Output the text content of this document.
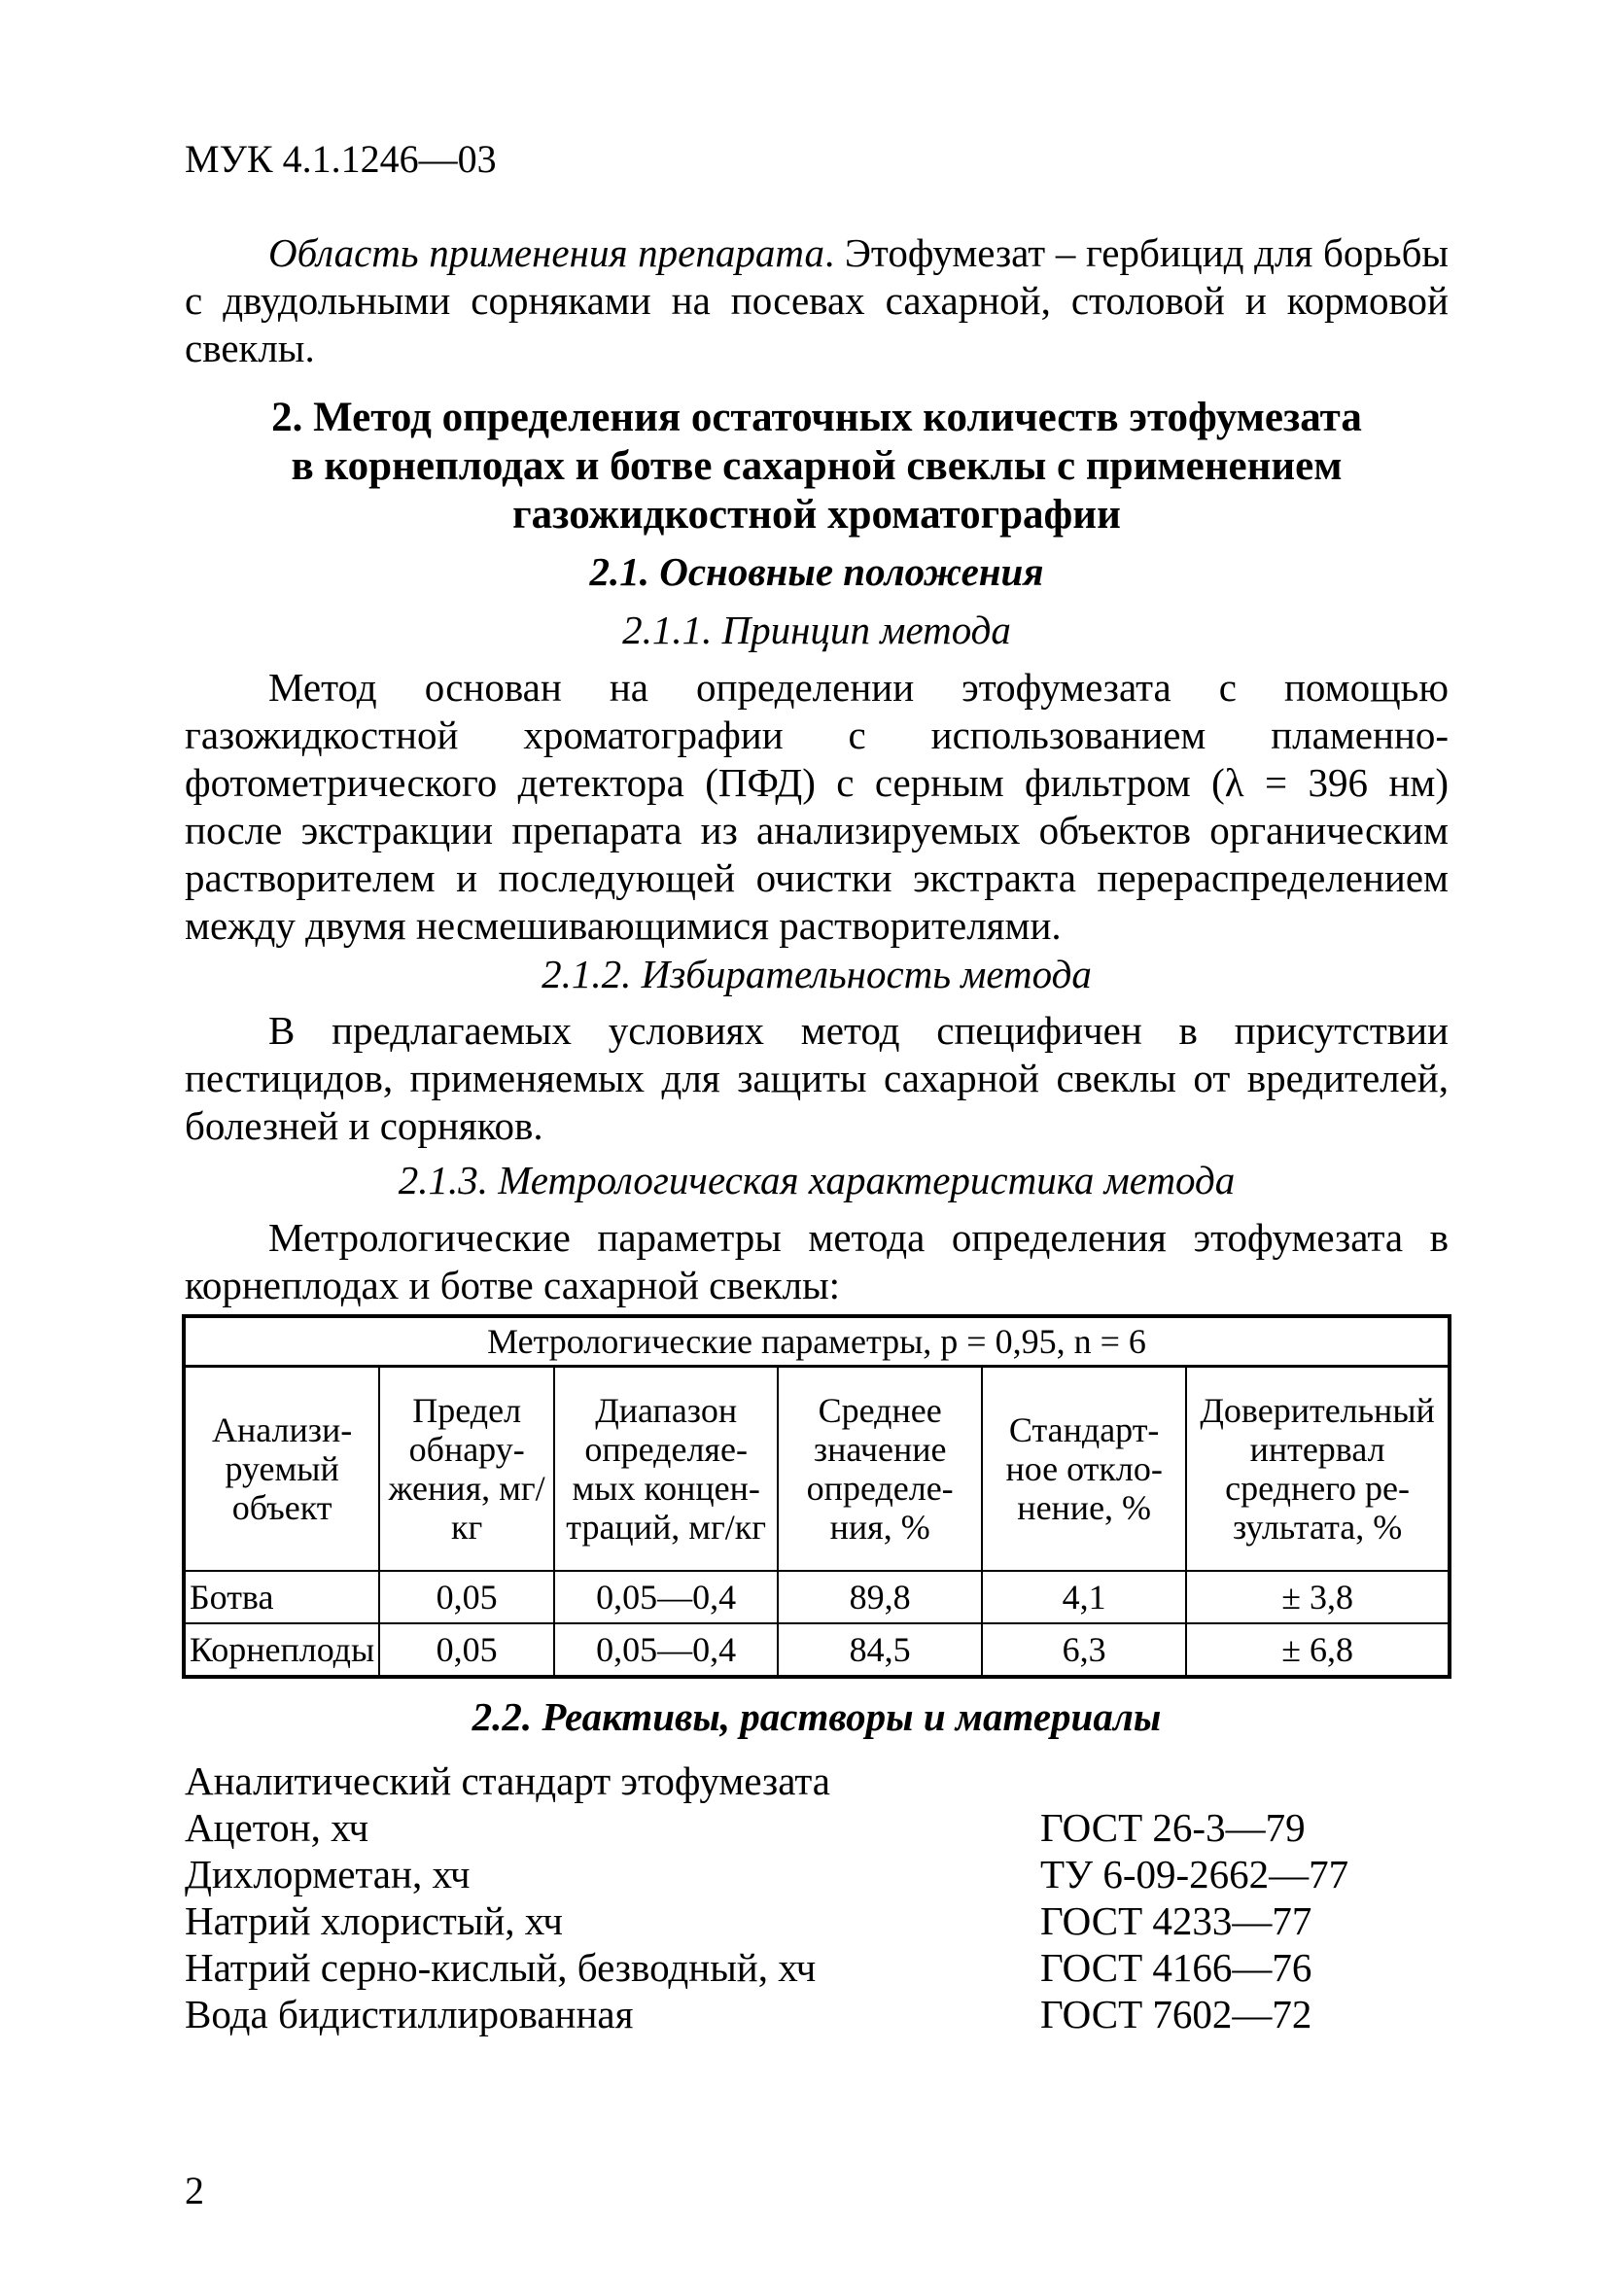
МУК 4.1.1246—03

Область применения препарата. Этофумезат – гербицид для борьбы с двудольными сорняками на посевах сахарной, столовой и кормовой свеклы.

2. Метод определения остаточных количеств этофумезата

в корнеплодах и ботве сахарной свеклы с применением

газожидкостной хроматографии

2.1. Основные положения

2.1.1. Принцип метода

Метод основан на определении этофумезата с помощью газожидкостной хроматографии с использованием пламенно-фотометрического детектора (ПФД) с серным фильтром (λ = 396 нм) после экстракции препарата из анализируемых объектов органическим растворителем и последующей очистки экстракта перераспределением между двумя несмешивающимися растворителями.

2.1.2. Избирательность метода

В предлагаемых условиях метод специфичен в присутствии пестицидов, применяемых для защиты сахарной свеклы от вредителей, болезней и сорняков.

2.1.3. Метрологическая характеристика метода

Метрологические параметры метода определения этофумезата в корнеплодах и ботве сахарной свеклы:

Метрологические параметры, p = 0,95, n = 6					
Анализи-руемый объект	Предел обнару-жения, мг/кг	Диапазон определяе-мых концен-траций, мг/кг	Среднее значение определе-ния, %	Стандарт-ное откло-нение, %	Доверительный интервал среднего ре-зультата, %
Ботва	0,05	0,05—0,4	89,8	4,1	± 3,8
Корнеплоды	0,05	0,05—0,4	84,5	6,3	± 6,8

2.2. Реактивы, растворы и материалы

Аналитический стандарт этофумезата
Ацетон, хч	ГОСТ 26-3—79
Дихлорметан, хч	ТУ 6-09-2662—77
Натрий хлористый, хч	ГОСТ 4233—77
Натрий серно-кислый, безводный, хч	ГОСТ 4166—76
Вода бидистиллированная	ГОСТ 7602—72
2
